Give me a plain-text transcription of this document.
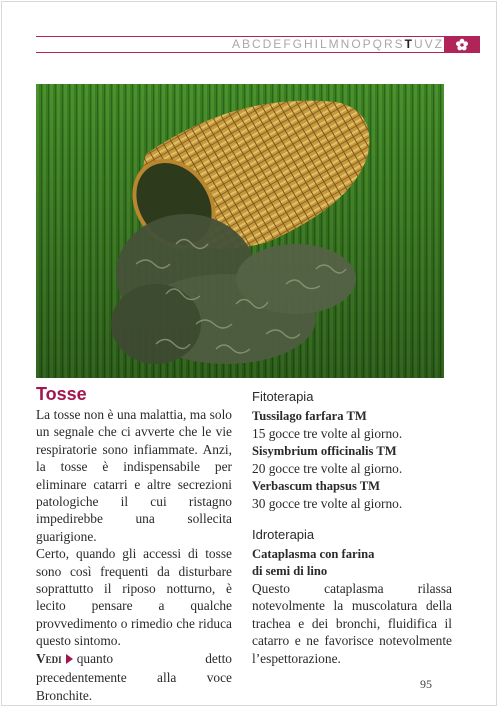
ABCDEFGHILMNOPQRSTUVZ
Tosse

La tosse non è una malattia, ma solo un segnale che ci avverte che le vie respiratorie sono infiammate. Anzi, la tosse è indispensabile per eliminare catarri e altre secrezioni patologiche il cui ristagno impedirebbe una sollecita guarigione.

Certo, quando gli accessi di tosse sono così frequenti da disturbare soprattutto il riposo notturno, è lecito pensare a qualche provvedimento o rimedio che riduca questo sintomo.

Vedi quanto detto precedentemente alla voce Bronchite.

Fitoterapia

Tussilago farfara TM

15 gocce tre volte al giorno.

Sisymbrium officinalis TM

20 gocce tre volte al giorno.

Verbascum thapsus TM

30 gocce tre volte al giorno.

Idroterapia

Cataplasma con farina

di semi di lino

Questo cataplasma rilassa notevolmente la muscolatura della trachea e dei bronchi, fluidifica il catarro e ne favorisce notevolmente l’espettorazione.

95
